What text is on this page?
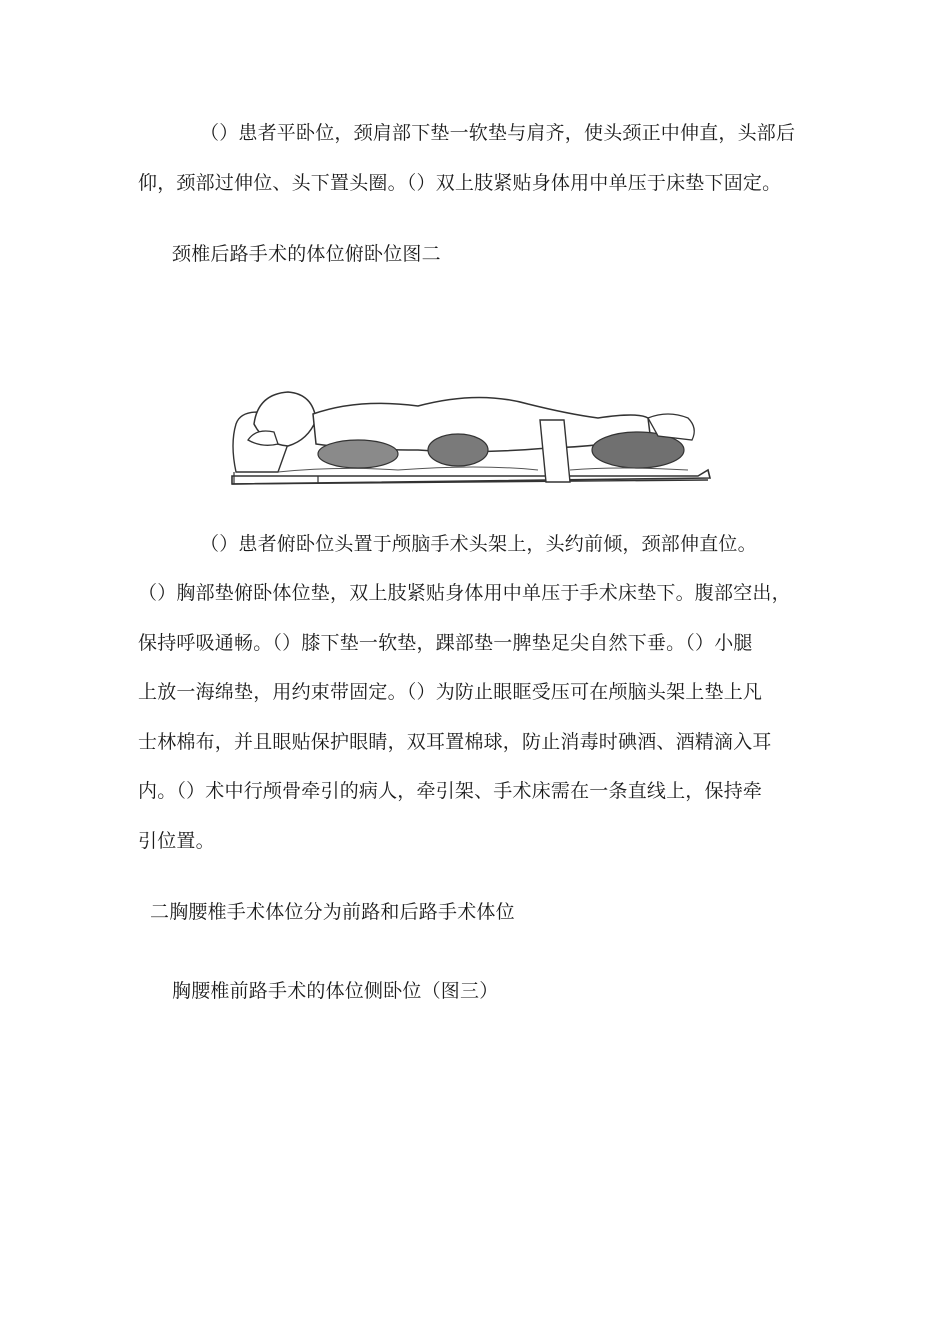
（）患者平卧位，颈肩部下垫一软垫与肩齐，使头颈正中伸直，头部后
仰，颈部过伸位、头下置头圈。（）双上肢紧贴身体用中单压于床垫下固定。
颈椎后路手术的体位俯卧位图二
（）患者俯卧位头置于颅脑手术头架上，头约前倾，颈部伸直位。
（）胸部垫俯卧体位垫，双上肢紧贴身体用中单压于手术床垫下。腹部空出，
保持呼吸通畅。（）膝下垫一软垫，踝部垫一脾垫足尖自然下垂。（）小腿
上放一海绵垫，用约束带固定。（）为防止眼眶受压可在颅脑头架上垫上凡
士林棉布，并且眼贴保护眼睛，双耳置棉球，防止消毒时碘酒、酒精滴入耳
内。（）术中行颅骨牵引的病人，牵引架、手术床需在一条直线上，保持牵
引位置。
二胸腰椎手术体位分为前路和后路手术体位
胸腰椎前路手术的体位侧卧位（图三）
